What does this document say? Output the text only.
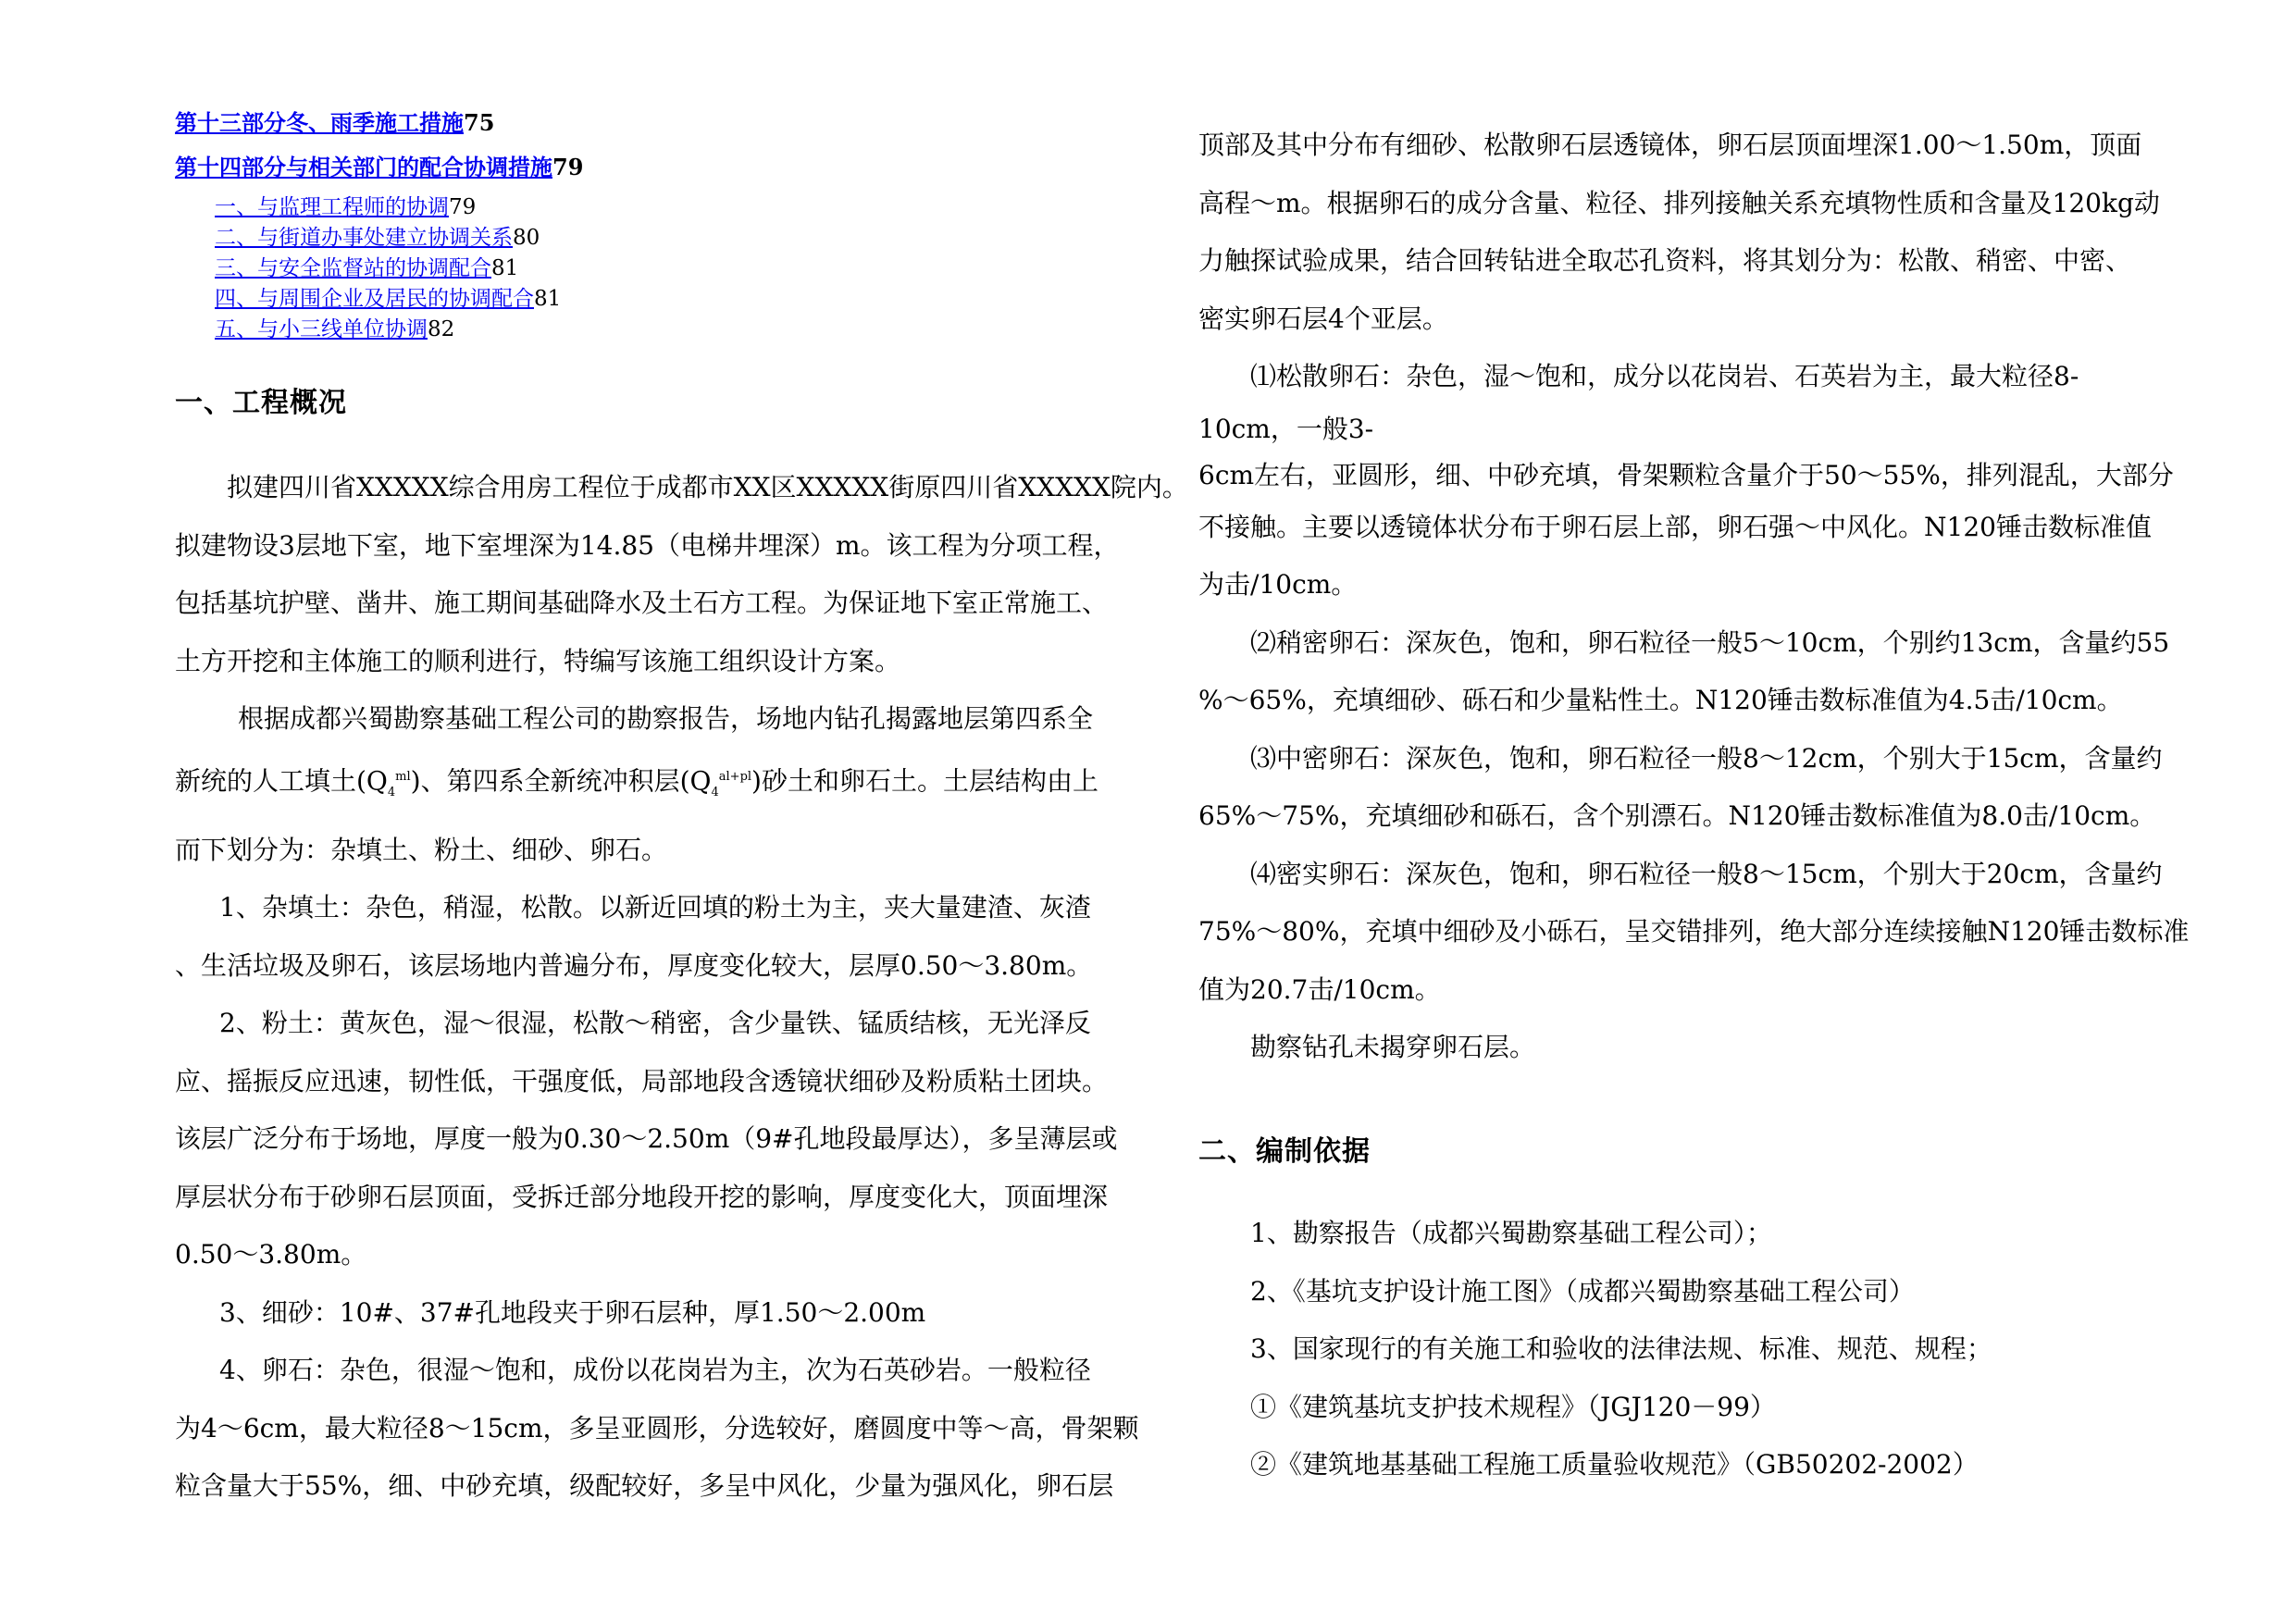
第十三部分冬、雨季施工措施75
第十四部分与相关部门的配合协调措施79
一、与监理工程师的协调79
二、与街道办事处建立协调关系80
三、与安全监督站的协调配合81
四、与周围企业及居民的协调配合81
五、与小三线单位协调82
一、工程概况
拟建四川省XXXXX综合用房工程位于成都市XX区XXXXX街原四川省XXXXX院内。
拟建物设3层地下室，地下室埋深为14.85（电梯井埋深）m。该工程为分项工程，
包括基坑护壁、凿井、施工期间基础降水及土石方工程。为保证地下室正常施工、
土方开挖和主体施工的顺利进行，特编写该施工组织设计方案。
根据成都兴蜀勘察基础工程公司的勘察报告，场地内钻孔揭露地层第四系全
新统的人工填土$(Q_4^{ml})$、第四系全新统冲积层$(Q_4^{al+pl})$砂土和卵石土。土层结构由上
而下划分为：杂填土、粉土、细砂、卵石。
1、杂填土：杂色，稍湿，松散。以新近回填的粉土为主，夹大量建渣、灰渣
、生活垃圾及卵石，该层场地内普遍分布，厚度变化较大，层厚0.50～3.80m。
2、粉土：黄灰色，湿～很湿，松散～稍密，含少量铁、锰质结核，无光泽反
应、摇振反应迅速，韧性低，干强度低，局部地段含透镜状细砂及粉质粘土团块。
该层广泛分布于场地，厚度一般为0.30～2.50m（9#孔地段最厚达），多呈薄层或
厚层状分布于砂卵石层顶面，受拆迁部分地段开挖的影响，厚度变化大，顶面埋深
0.50～3.80m。
3、细砂：10#、37#孔地段夹于卵石层种，厚1.50～2.00m
4、卵石：杂色，很湿～饱和，成份以花岗岩为主，次为石英砂岩。一般粒径
为4～6cm，最大粒径8～15cm，多呈亚圆形，分选较好，磨圆度中等～高，骨架颗
粒含量大于55%，细、中砂充填，级配较好，多呈中风化，少量为强风化，卵石层
顶部及其中分布有细砂、松散卵石层透镜体，卵石层顶面埋深1.00～1.50m，顶面
高程～m。根据卵石的成分含量、粒径、排列接触关系充填物性质和含量及120kg动
力触探试验成果，结合回转钻进全取芯孔资料，将其划分为：松散、稍密、中密、
密实卵石层4个亚层。
⑴松散卵石：杂色，湿～饱和，成分以花岗岩、石英岩为主，最大粒径8-
10cm，一般3-
6cm左右，亚圆形，细、中砂充填，骨架颗粒含量介于50～55%，排列混乱，大部分
不接触。主要以透镜体状分布于卵石层上部，卵石强～中风化。N120锤击数标准值
为击/10cm。
⑵稍密卵石：深灰色，饱和，卵石粒径一般5～10cm，个别约13cm，含量约55
%～65%，充填细砂、砾石和少量粘性土。N120锤击数标准值为4.5击/10cm。
⑶中密卵石：深灰色，饱和，卵石粒径一般8～12cm，个别大于15cm，含量约
65%～75%，充填细砂和砾石，含个别漂石。N120锤击数标准值为8.0击/10cm。
⑷密实卵石：深灰色，饱和，卵石粒径一般8～15cm，个别大于20cm，含量约
75%～80%，充填中细砂及小砾石，呈交错排列，绝大部分连续接触N120锤击数标准
值为20.7击/10cm。
勘察钻孔未揭穿卵石层。
二、编制依据
1、勘察报告（成都兴蜀勘察基础工程公司）；
2、《基坑支护设计施工图》（成都兴蜀勘察基础工程公司）
3、国家现行的有关施工和验收的法律法规、标准、规范、规程；
①《建筑基坑支护技术规程》（JGJ120－99）
②《建筑地基基础工程施工质量验收规范》（GB50202-2002）
